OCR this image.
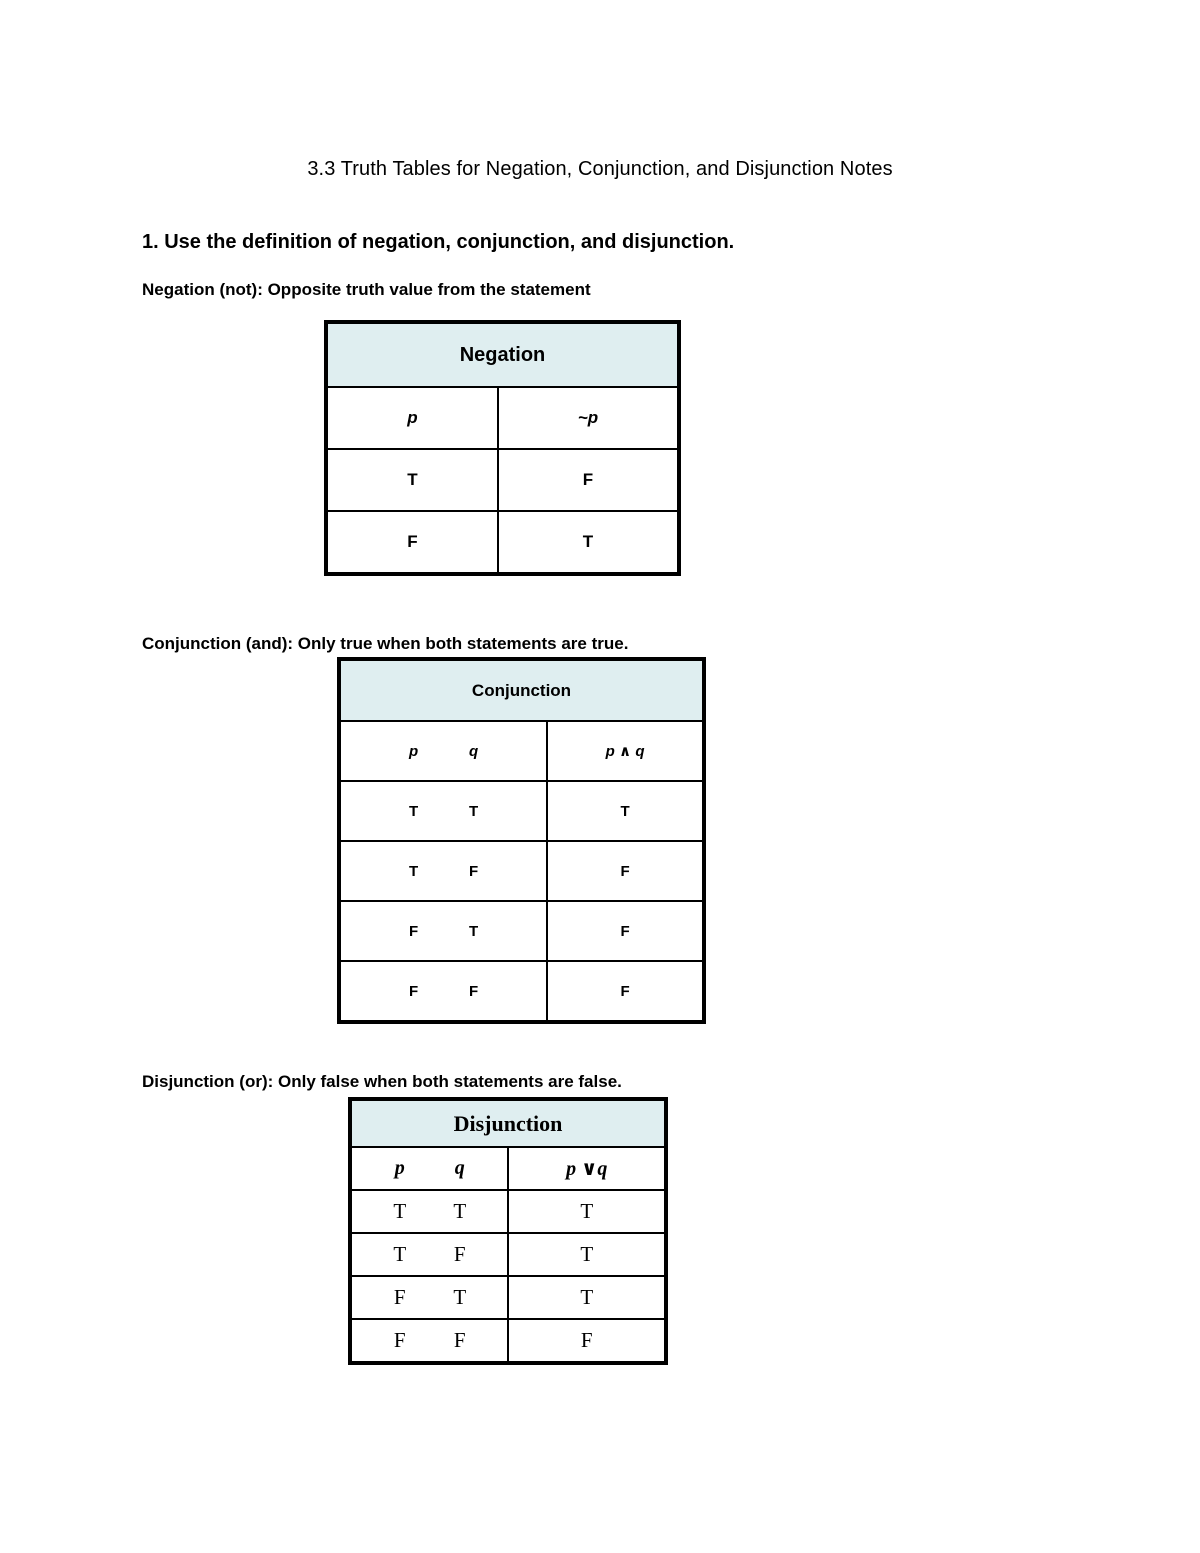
3.3 Truth Tables for Negation, Conjunction, and Disjunction Notes
1. Use the definition of negation, conjunction, and disjunction.
Negation (not): Opposite truth value from the statement
Negation	
p	~p
T	F
F	T
Conjunction (and): Only true when both statements are true.
Conjunction	

p q	p ∧ q

T T	T

T F	F

F T	F

F F	F
Disjunction (or): Only false when both statements are false.
Disjunction	

p q	p ∨q

T T	T

T F	T

F T	T

F F	F
